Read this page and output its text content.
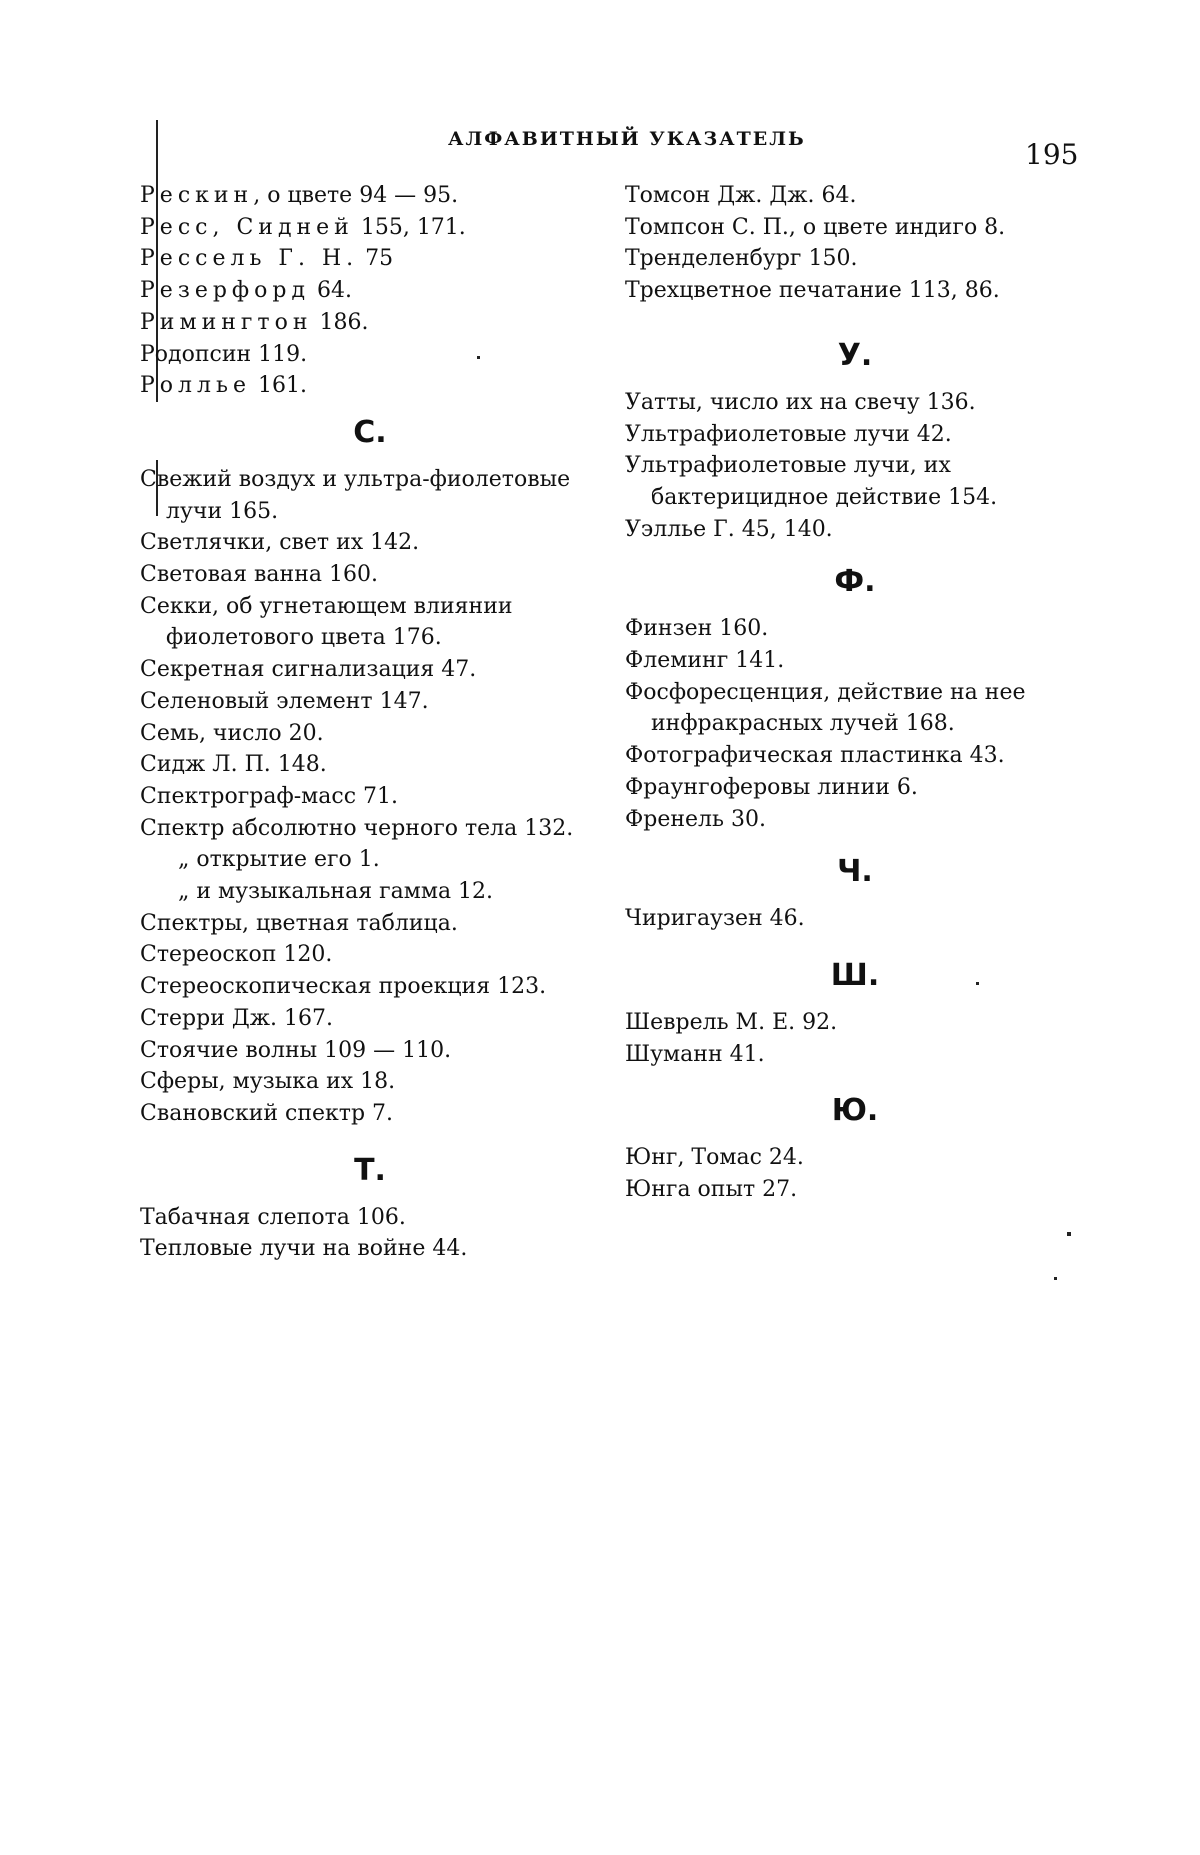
АЛФАВИТНЫЙ УКАЗАТЕЛЬ	195
Рескин, о цвете 94 — 95.
Ресс, Сидней 155, 171.
Рессель Г. Н. 75
Резерфорд 64.
Римингтон 186.
Родопсин 119.
Роллье 161.
С.
Свежий воздух и ультра-фиолетовые лучи 165.
Светлячки, свет их 142.
Световая ванна 160.
Секки, об угнетающем влиянии фиолетового цвета 176.
Секретная сигнализация 47.
Селеновый элемент 147.
Семь, число 20.
Сидж Л. П. 148.
Спектрограф-масс 71.
Спектр абсолютно черного тела 132.
„ открытие его 1.
„ и музыкальная гамма 12.
Спектры, цветная таблица.
Стереоскоп 120.
Стереоскопическая проекция 123.
Стерри Дж. 167.
Стоячие волны 109 — 110.
Сферы, музыка их 18.
Свановский спектр 7.
Т.
Табачная слепота 106.
Тепловые лучи на войне 44.
Томсон Дж. Дж. 64.
Томпсон С. П., о цвете индиго 8.
Тренделенбург 150.
Трехцветное печатание 113, 86.
У.
Уатты, число их на свечу 136.
Ультрафиолетовые лучи 42.
Ультрафиолетовые лучи, их бактерицидное действие 154.
Уэллье Г. 45, 140.
Ф.
Финзен 160.
Флеминг 141.
Фосфоресценция, действие на нее инфракрасных лучей 168.
Фотографическая пластинка 43.
Фраунгоферовы линии 6.
Френель 30.
Ч.
Чиригаузен 46.
Ш.
Шеврель М. Е. 92.
Шуманн 41.
Ю.
Юнг, Томас 24.
Юнга опыт 27.
